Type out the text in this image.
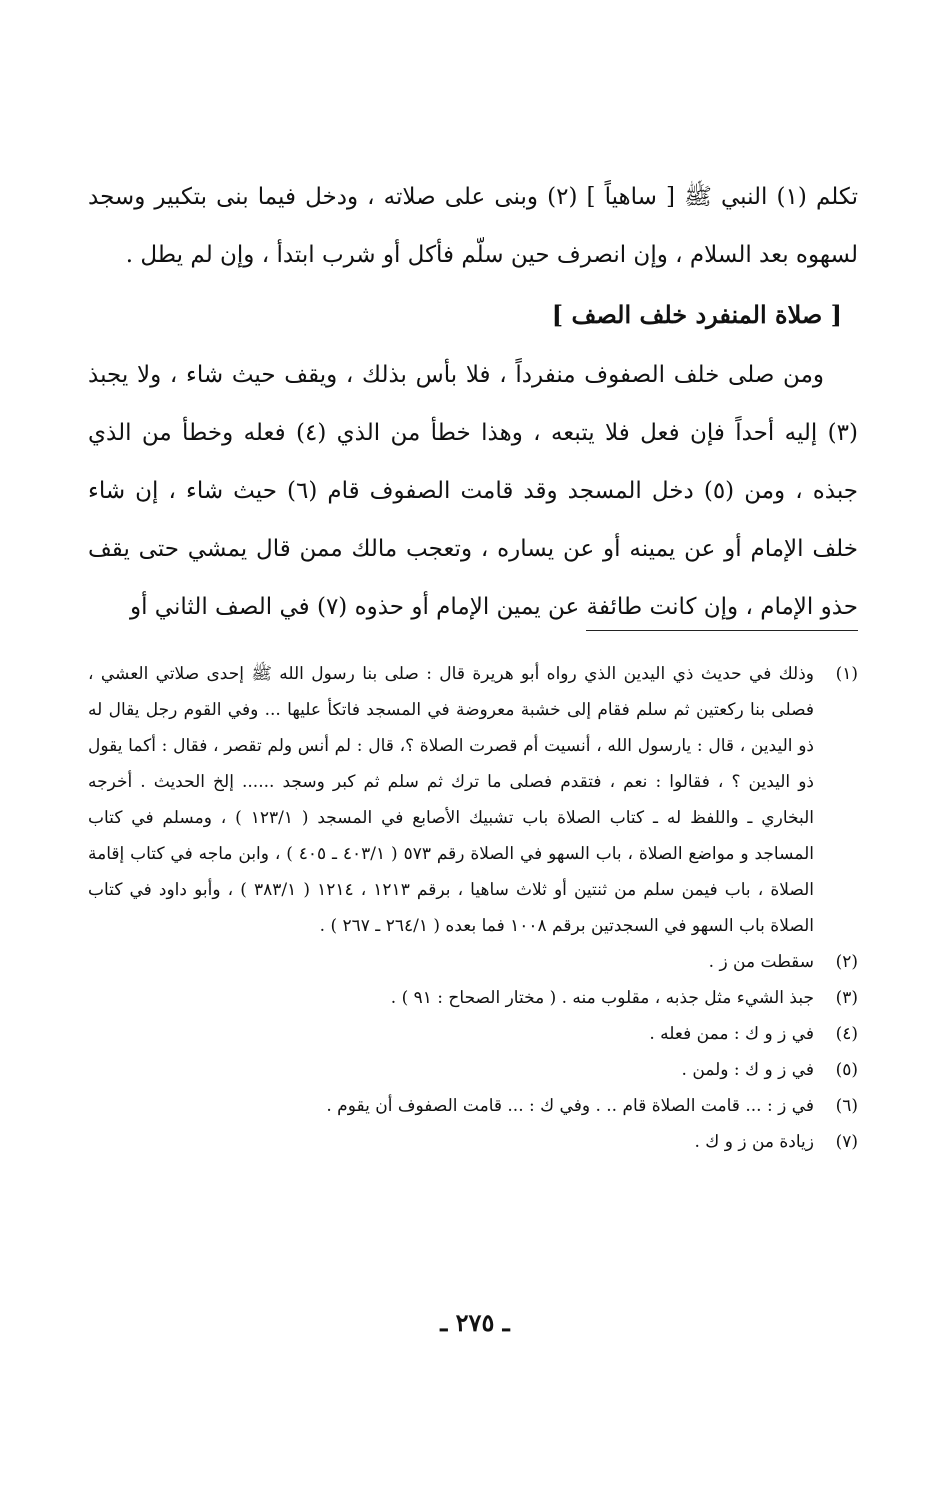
تكلم (١) النبي ﷺ [ ساهياً ] (٢) وبنى على صلاته ، ودخل فيما بنى بتكبير وسجد لسهوه بعد السلام ، وإن انصرف حين سلّم فأكل أو شرب ابتدأ ، وإن لم يطل .

[ صلاة المنفرد خلف الصف ]

ومن صلى خلف الصفوف منفرداً ، فلا بأس بذلك ، ويقف حيث شاء ، ولا يجبذ (٣) إليه أحداً فإن فعل فلا يتبعه ، وهذا خطأ من الذي (٤) فعله وخطأ من الذي جبذه ، ومن (٥) دخل المسجد وقد قامت الصفوف قام (٦) حيث شاء ، إن شاء خلف الإمام أو عن يمينه أو عن يساره ، وتعجب مالك ممن قال يمشي حتى يقف حذو الإمام ، وإن كانت طائفة عن يمين الإمام أو حذوه (٧) في الصف الثاني أو

(١)
وذلك في حديث ذي اليدين الذي رواه أبو هريرة قال : صلى بنا رسول الله ﷺ إحدى صلاتي العشي ، فصلى بنا ركعتين ثم سلم فقام إلى خشبة معروضة في المسجد فاتكأ عليها ... وفي القوم رجل يقال له ذو اليدين ، قال : يارسول الله ، أنسيت أم قصرت الصلاة ؟، قال : لم أنس ولم تقصر ، فقال : أكما يقول ذو اليدين ؟ ، فقالوا : نعم ، فتقدم فصلى ما ترك ثم سلم ثم كبر وسجد ...... إلخ الحديث . أخرجه البخاري ـ واللفظ له ـ كتاب الصلاة باب تشبيك الأصابع في المسجد ( ١٢٣/١ ) ، ومسلم في كتاب المساجد و مواضع الصلاة ، باب السهو في الصلاة رقم ٥٧٣ ( ٤٠٣/١ ـ ٤٠٥ ) ، وابن ماجه في كتاب إقامة الصلاة ، باب فيمن سلم من ثنتين أو ثلاث ساهيا ، برقم ١٢١٣ ، ١٢١٤ ( ٣٨٣/١ ) ، وأبو داود في كتاب الصلاة باب السهو في السجدتين برقم ١٠٠٨ فما بعده ( ٢٦٤/١ ـ ٢٦٧ ) .
(٢)
سقطت من ز .
(٣)
جبذ الشيء مثل جذبه ، مقلوب منه . ( مختار الصحاح : ٩١ ) .
(٤)
في ز و ك : ممن فعله .
(٥)
في ز و ك : ولمن .
(٦)
في ز : ... قامت الصلاة قام .. . وفي ك : ... قامت الصفوف أن يقوم .
(٧)
زيادة من ز و ك .
ـ ٢٧٥ ـ
